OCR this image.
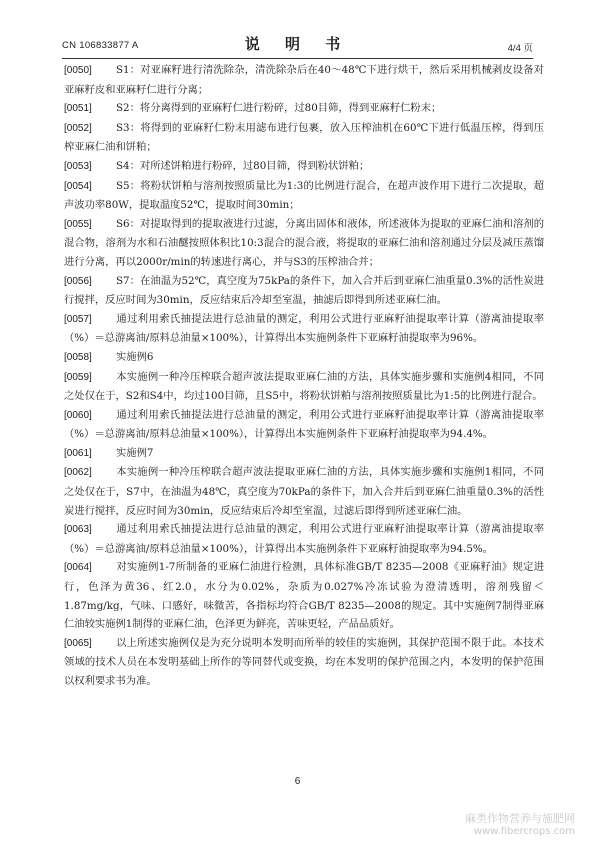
CN 106833877 A	说 明 书	4/4 页

[0050] S1：对亚麻籽进行清洗除杂，清洗除杂后在40～48℃下进行烘干，然后采用机械剥皮设备对亚麻籽皮和亚麻籽仁进行分离；

[0051] S2：将分离得到的亚麻籽仁进行粉碎，过80目筛，得到亚麻籽仁粉末；

[0052] S3：将得到的亚麻籽仁粉末用滤布进行包裹，放入压榨油机在60℃下进行低温压榨，得到压榨亚麻仁油和饼粕；

[0053] S4：对所述饼粕进行粉碎，过80目筛，得到粉状饼粕；

[0054] S5：将粉状饼粕与溶剂按照质量比为1:3的比例进行混合，在超声波作用下进行二次提取，超声波功率80W，提取温度52℃，提取时间30min；

[0055] S6：对提取得到的提取液进行过滤，分离出固体和液体，所述液体为提取的亚麻仁油和溶剂的混合物，溶剂为水和石油醚按照体积比10:3混合的混合液，将提取的亚麻仁油和溶剂通过分层及减压蒸馏进行分离，再以2000r/min的转速进行离心，并与S3的压榨油合并；

[0056] S7：在油温为52℃，真空度为75kPa的条件下，加入合并后到亚麻仁油重量0.3%的活性炭进行搅拌，反应时间为30min，反应结束后冷却至室温，抽滤后即得到所述亚麻仁油。

[0057] 通过利用索氏抽提法进行总油量的测定，利用公式进行亚麻籽油提取率计算（游离油提取率（%）＝总游离油/原料总油量×100%），计算得出本实施例条件下亚麻籽油提取率为96%。

[0058] 实施例6

[0059] 本实施例一种冷压榨联合超声波法提取亚麻仁油的方法，具体实施步骤和实施例4相同，不同之处仅在于，S2和S4中，均过100目筛，且S5中，将粉状饼粕与溶剂按照质量比为1:5的比例进行混合。

[0060] 通过利用索氏抽提法进行总油量的测定，利用公式进行亚麻籽油提取率计算（游离油提取率（%）＝总游离油/原料总油量×100%），计算得出本实施例条件下亚麻籽油提取率为94.4%。

[0061] 实施例7

[0062] 本实施例一种冷压榨联合超声波法提取亚麻仁油的方法，具体实施步骤和实施例1相同，不同之处仅在于，S7中，在油温为48℃，真空度为70kPa的条件下，加入合并后到亚麻仁油重量0.3%的活性炭进行搅拌，反应时间为30min，反应结束后冷却至室温，过滤后即得到所述亚麻仁油。

[0063] 通过利用索氏抽提法进行总油量的测定，利用公式进行亚麻籽油提取率计算（游离油提取率（%）＝总游离油/原料总油量×100%），计算得出本实施例条件下亚麻籽油提取率为94.5%。

[0064] 对实施例1-7所制备的亚麻仁油进行检测，具体标准GB/T 8235—2008《亚麻籽油》规定进行，色泽为黄36、红2.0，水分为0.02%，杂质为0.027%冷冻试验为澄清透明，溶剂残留＜1.87mg/kg，气味、口感好，味微苦，各指标均符合GB/T 8235—2008的规定。其中实施例7制得亚麻仁油较实施例1制得的亚麻仁油，色泽更为鲜亮，苦味更轻，产品品质好。

[0065] 以上所述实施例仅是为充分说明本发明而所举的较佳的实施例，其保护范围不限于此。本技术领域的技术人员在本发明基础上所作的等同替代或变换，均在本发明的保护范围之内，本发明的保护范围以权利要求书为准。

6
麻类作物营养与施肥网
www.fibercrops.com
